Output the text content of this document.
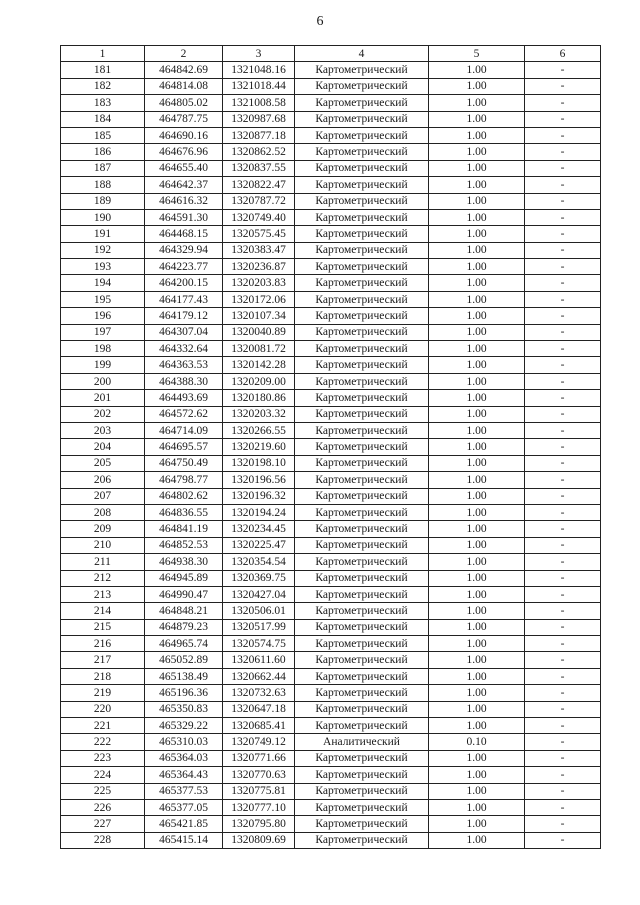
6
1	2	3	4	5	6
181	464842.69	1321048.16	Картометрический	1.00	-
182	464814.08	1321018.44	Картометрический	1.00	-
183	464805.02	1321008.58	Картометрический	1.00	-
184	464787.75	1320987.68	Картометрический	1.00	-
185	464690.16	1320877.18	Картометрический	1.00	-
186	464676.96	1320862.52	Картометрический	1.00	-
187	464655.40	1320837.55	Картометрический	1.00	-
188	464642.37	1320822.47	Картометрический	1.00	-
189	464616.32	1320787.72	Картометрический	1.00	-
190	464591.30	1320749.40	Картометрический	1.00	-
191	464468.15	1320575.45	Картометрический	1.00	-
192	464329.94	1320383.47	Картометрический	1.00	-
193	464223.77	1320236.87	Картометрический	1.00	-
194	464200.15	1320203.83	Картометрический	1.00	-
195	464177.43	1320172.06	Картометрический	1.00	-
196	464179.12	1320107.34	Картометрический	1.00	-
197	464307.04	1320040.89	Картометрический	1.00	-
198	464332.64	1320081.72	Картометрический	1.00	-
199	464363.53	1320142.28	Картометрический	1.00	-
200	464388.30	1320209.00	Картометрический	1.00	-
201	464493.69	1320180.86	Картометрический	1.00	-
202	464572.62	1320203.32	Картометрический	1.00	-
203	464714.09	1320266.55	Картометрический	1.00	-
204	464695.57	1320219.60	Картометрический	1.00	-
205	464750.49	1320198.10	Картометрический	1.00	-
206	464798.77	1320196.56	Картометрический	1.00	-
207	464802.62	1320196.32	Картометрический	1.00	-
208	464836.55	1320194.24	Картометрический	1.00	-
209	464841.19	1320234.45	Картометрический	1.00	-
210	464852.53	1320225.47	Картометрический	1.00	-
211	464938.30	1320354.54	Картометрический	1.00	-
212	464945.89	1320369.75	Картометрический	1.00	-
213	464990.47	1320427.04	Картометрический	1.00	-
214	464848.21	1320506.01	Картометрический	1.00	-
215	464879.23	1320517.99	Картометрический	1.00	-
216	464965.74	1320574.75	Картометрический	1.00	-
217	465052.89	1320611.60	Картометрический	1.00	-
218	465138.49	1320662.44	Картометрический	1.00	-
219	465196.36	1320732.63	Картометрический	1.00	-
220	465350.83	1320647.18	Картометрический	1.00	-
221	465329.22	1320685.41	Картометрический	1.00	-
222	465310.03	1320749.12	Аналитический	0.10	-
223	465364.03	1320771.66	Картометрический	1.00	-
224	465364.43	1320770.63	Картометрический	1.00	-
225	465377.53	1320775.81	Картометрический	1.00	-
226	465377.05	1320777.10	Картометрический	1.00	-
227	465421.85	1320795.80	Картометрический	1.00	-
228	465415.14	1320809.69	Картометрический	1.00	-
